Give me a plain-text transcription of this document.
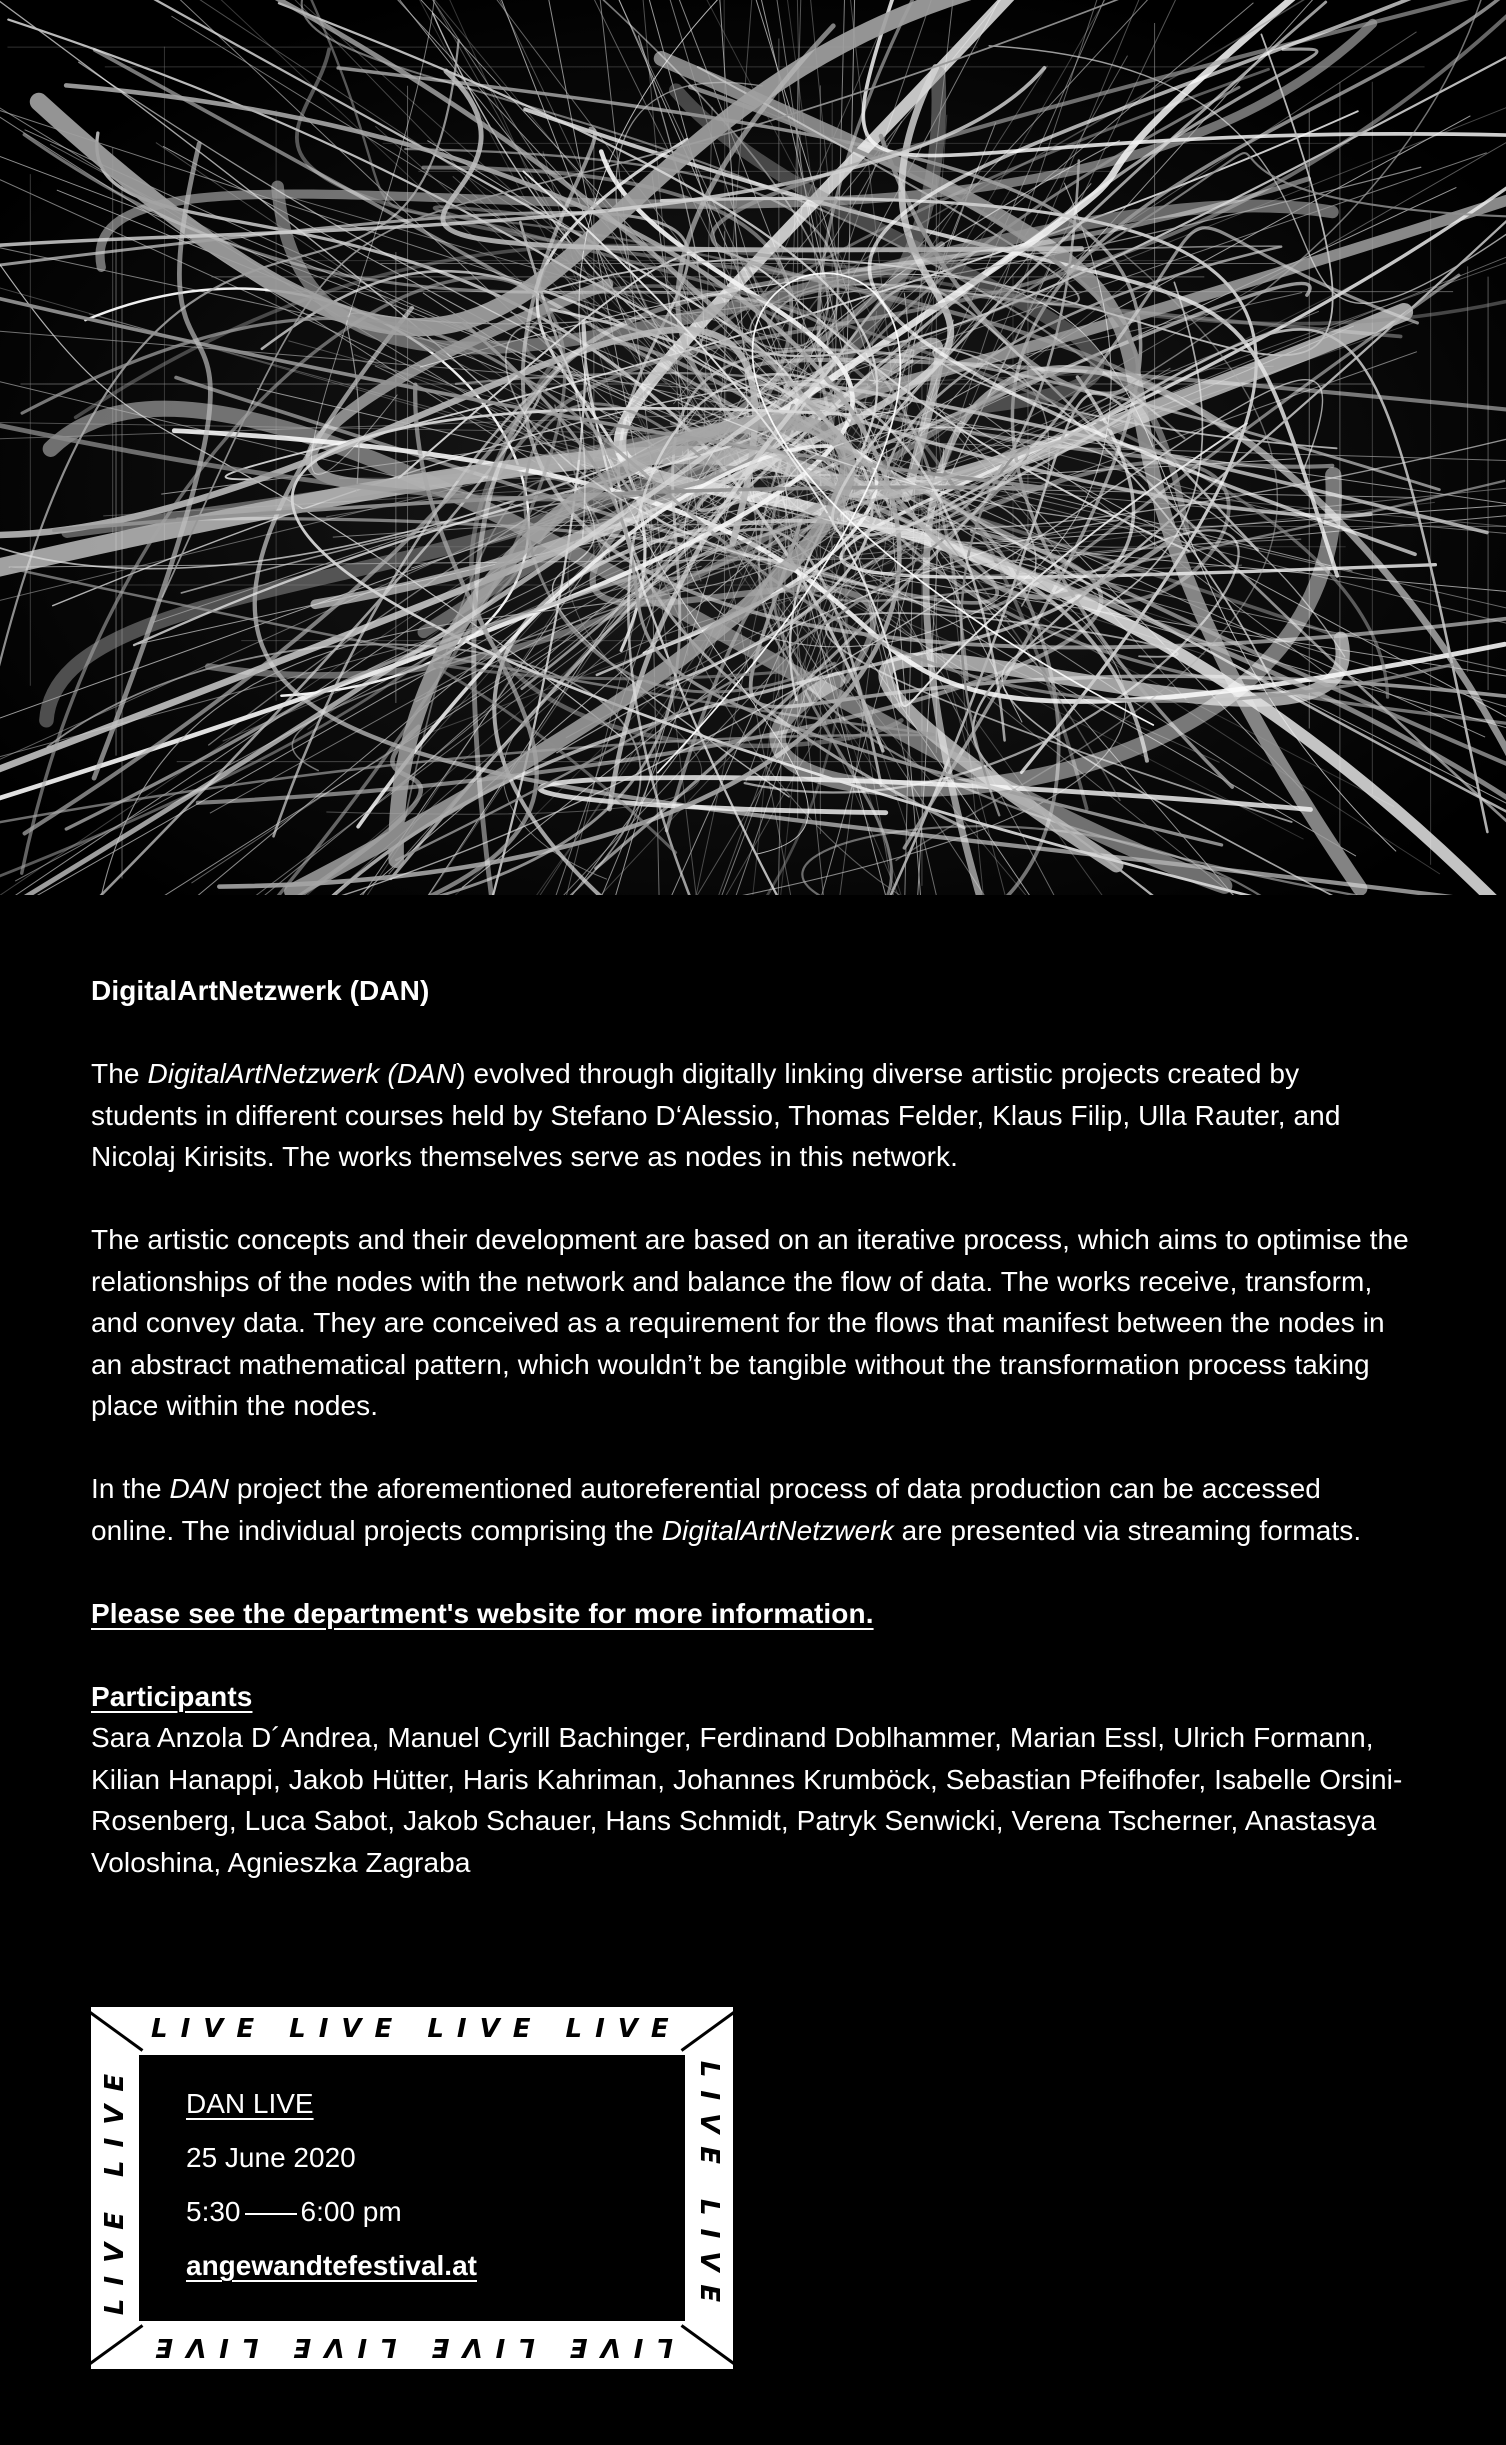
DigitalArtNetzwerk (DAN)

The DigitalArtNetzwerk (DAN) evolved through digitally linking diverse artistic projects created by students in different courses held by Stefano D‘Alessio, Thomas Felder, Klaus Filip, Ulla Rauter, and Nicolaj Kirisits. The works themselves serve as nodes in this network.

The artistic concepts and their development are based on an iterative process, which aims to optimise the relationships of the nodes with the network and balance the flow of data. The works receive, transform, and convey data. They are conceived as a requirement for the flows that manifest between the nodes in an abstract mathematical pattern, which wouldn’t be tangible without the transformation process taking place within the nodes.

In the DAN project the aforementioned autoreferential process of data production can be accessed online. The individual projects comprising the DigitalArtNetzwerk are presented via streaming formats.

Please see the department's website for more information.

Participants

Sara Anzola D´Andrea, Manuel Cyrill Bachinger, Ferdinand Doblhammer, Marian Essl, Ulrich Formann, Kilian Hanappi, Jakob Hütter, Haris Kahriman, Johannes Krumböck, Sebastian Pfeifhofer, Isabelle Orsini-Rosenberg, Luca Sabot, Jakob Schauer, Hans Schmidt, Patryk Senwicki, Verena Tscherner, Anastasya Voloshina, Agnieszka Zagraba

LIVE LIVE LIVE LIVE
LIVE LIVE LIVE LIVE
LIVE LIVE	LIVE LIVE
DAN LIVE
25 June 2020
5:30 6:00 pm
angewandtefestival.at
